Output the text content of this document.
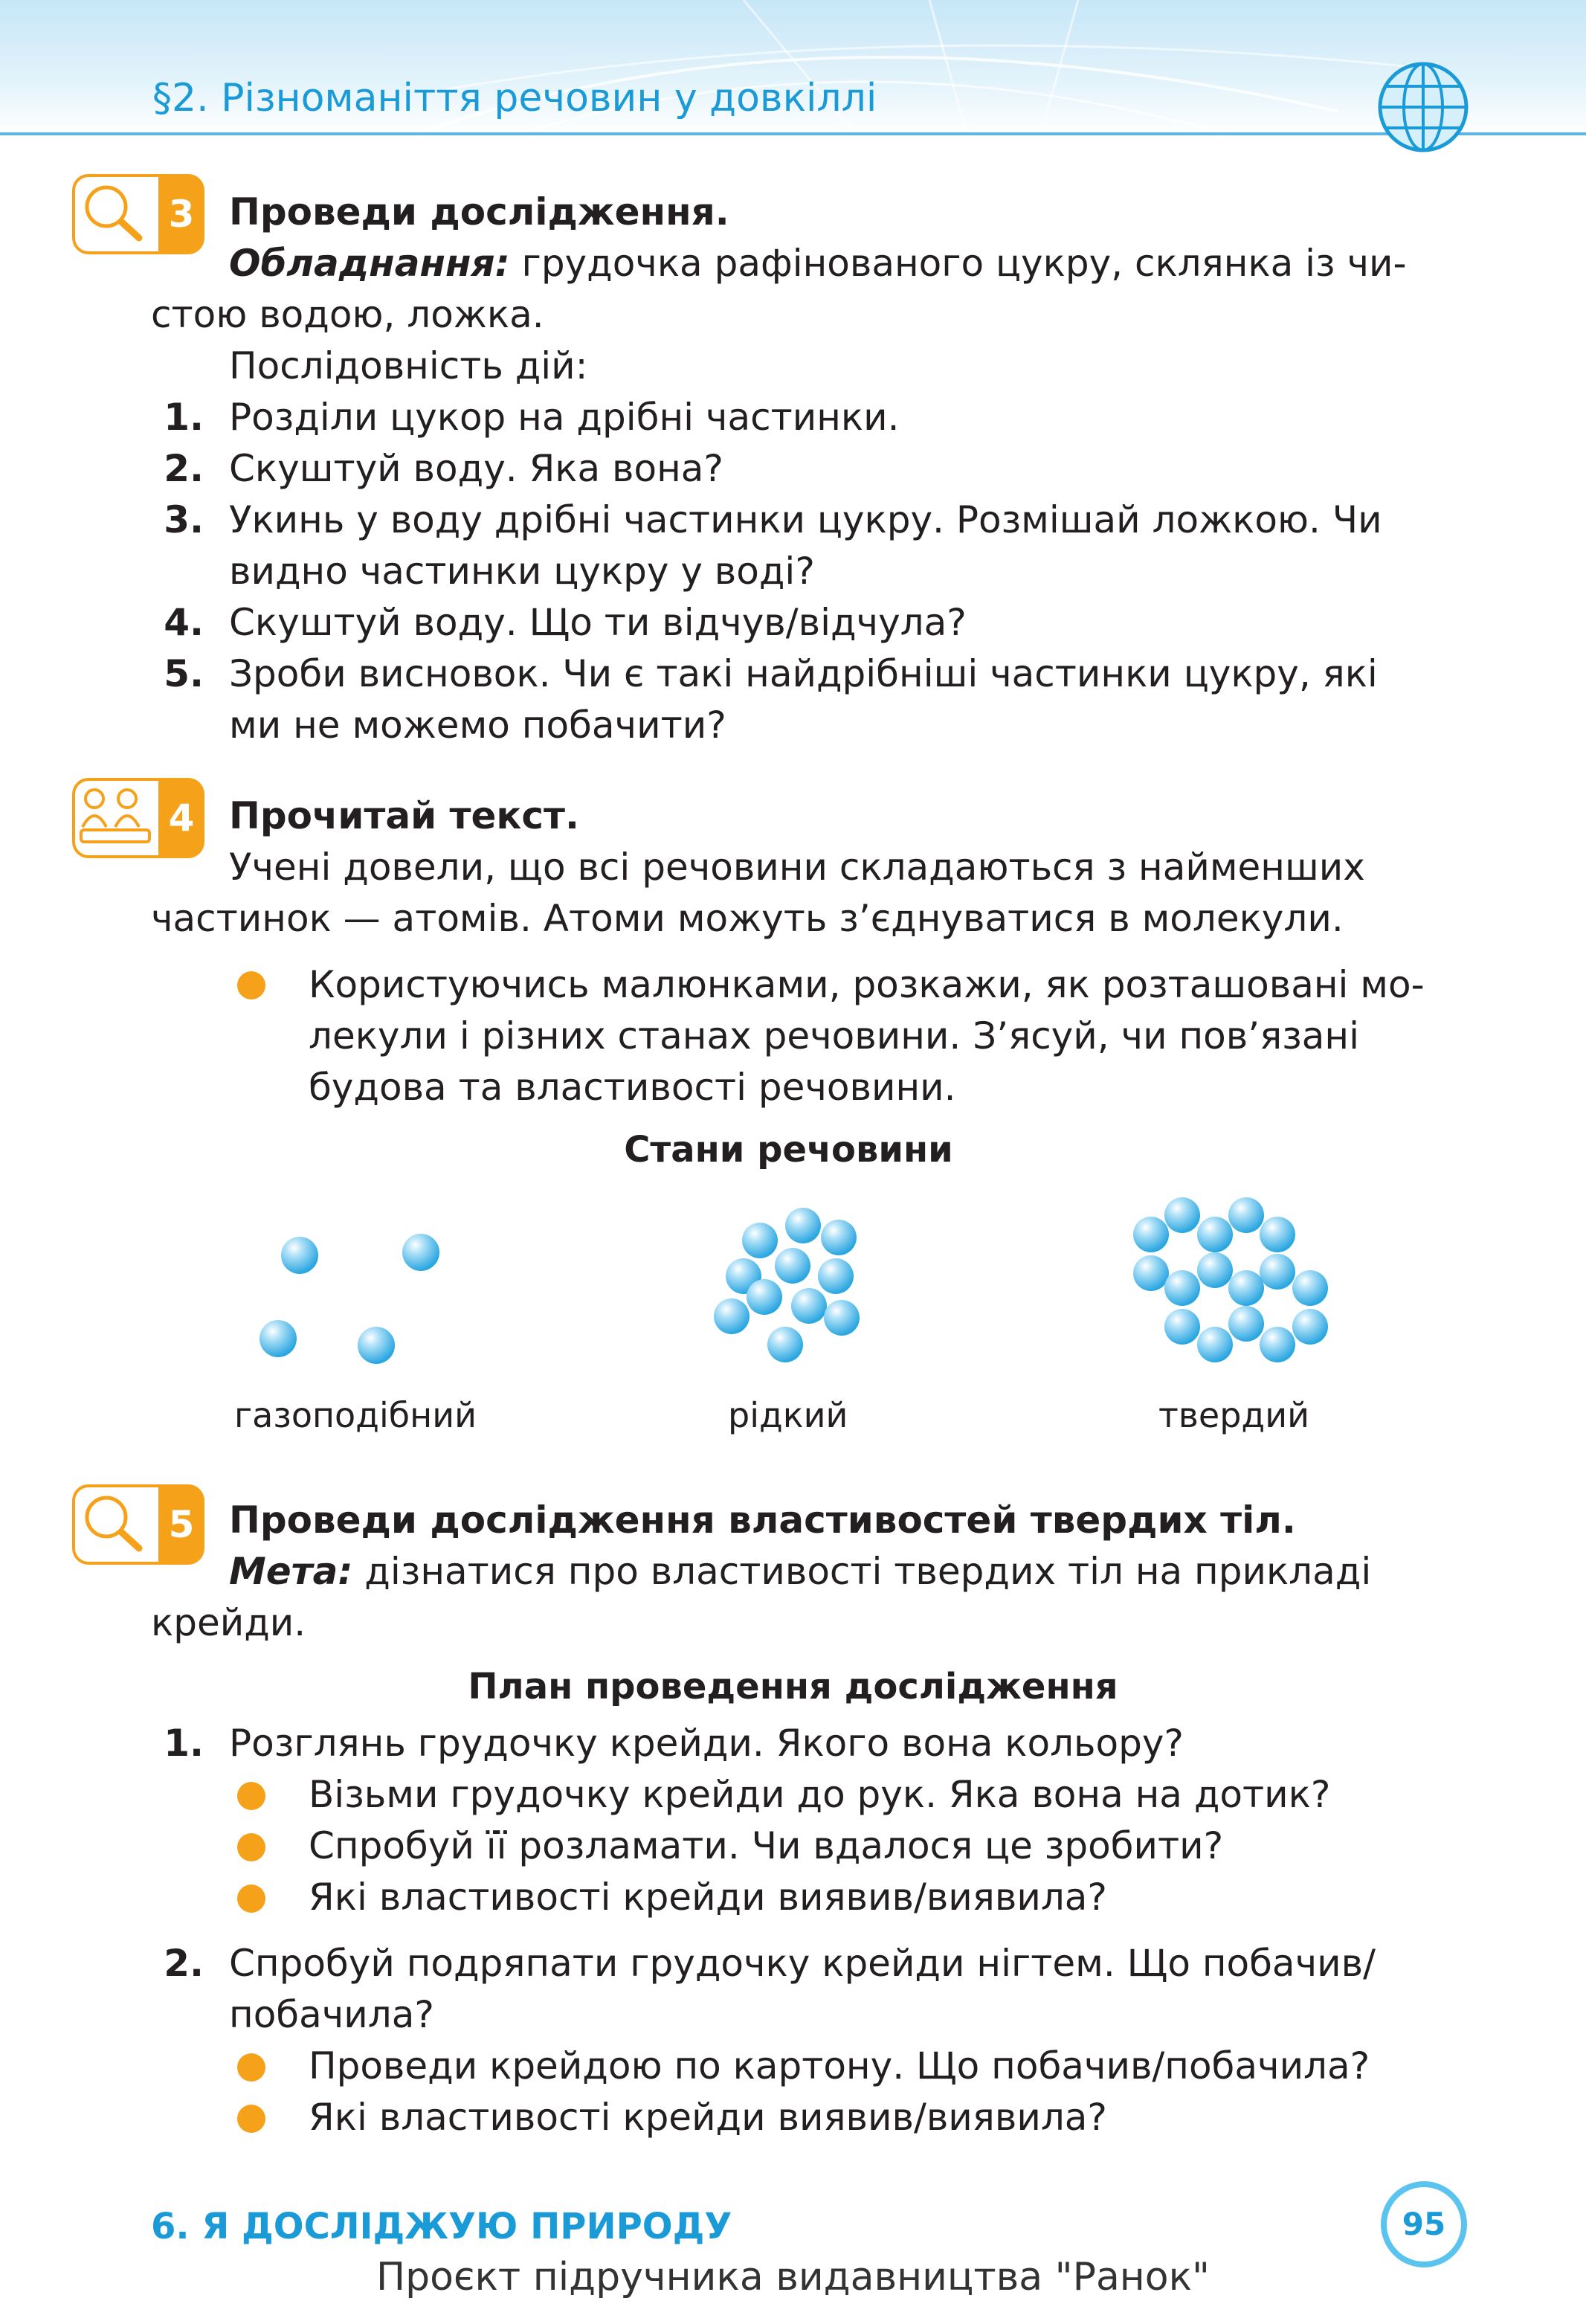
§2. Різноманіття речовин у довкіллі
3 Проведи дослідження.
Обладнання: грудочка рафінованого цукру, склянка із чи-
стою водою, ложка.
Послідовність дій:
1. Розділи цукор на дрібні частинки.
2. Скуштуй воду. Яка вона?
3. Укинь у воду дрібні частинки цукру. Розмішай ложкою. Чи
видно частинки цукру у воді?
4. Скуштуй воду. Що ти відчув/відчула?
5. Зроби висновок. Чи є такі найдрібніші частинки цукру, які
ми не можемо побачити?
4 Прочитай текст.
Учені довели, що всі речовини складаються з найменших
частинок — атомів. Атоми можуть з’єднуватися в молекули.
Користуючись малюнками, розкажи, як розташовані мо-
лекули і різних станах речовини. З’ясуй, чи пов’язані
будова та властивості речовини.
Стани речовини
газоподібний	рідкий	твердий
5 Проведи дослідження властивостей твердих тіл.
Мета: дізнатися про властивості твердих тіл на прикладі
крейди.
План проведення дослідження
1. Розглянь грудочку крейди. Якого вона кольору?
Візьми грудочку крейди до рук. Яка вона на дотик?
Спробуй її розламати. Чи вдалося це зробити?
Які властивості крейди виявив/виявила?
2. Спробуй подряпати грудочку крейди нігтем. Що побачив/
побачила?
Проведи крейдою по картону. Що побачив/побачила?
Які властивості крейди виявив/виявила?
6. Я ДОСЛІДЖУЮ ПРИРОДУ	95
Проєкт підручника видавництва "Ранок"
